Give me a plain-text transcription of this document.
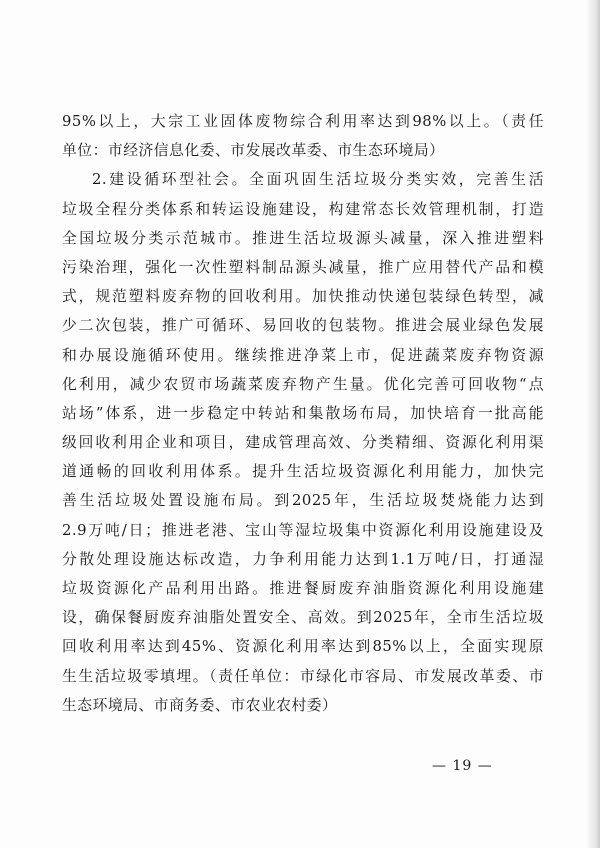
95%以上，大宗工业固体废物综合利用率达到98%以上。（责任
单位：市经济信息化委、市发展改革委、市生态环境局）
2.建设循环型社会。全面巩固生活垃圾分类实效，完善生活
垃圾全程分类体系和转运设施建设，构建常态长效管理机制，打造
全国垃圾分类示范城市。推进生活垃圾源头减量，深入推进塑料
污染治理，强化一次性塑料制品源头减量，推广应用替代产品和模
式，规范塑料废弃物的回收利用。加快推动快递包装绿色转型，减
少二次包装，推广可循环、易回收的包装物。推进会展业绿色发展
和办展设施循环使用。继续推进净菜上市，促进蔬菜废弃物资源
化利用，减少农贸市场蔬菜废弃物产生量。优化完善可回收物“点
站场”体系，进一步稳定中转站和集散场布局，加快培育一批高能
级回收利用企业和项目，建成管理高效、分类精细、资源化利用渠
道通畅的回收利用体系。提升生活垃圾资源化利用能力，加快完
善生活垃圾处置设施布局。到2025年，生活垃圾焚烧能力达到
2.9万吨/日；推进老港、宝山等湿垃圾集中资源化利用设施建设及
分散处理设施达标改造，力争利用能力达到1.1万吨/日，打通湿
垃圾资源化产品利用出路。推进餐厨废弃油脂资源化利用设施建
设，确保餐厨废弃油脂处置安全、高效。到2025年，全市生活垃圾
回收利用率达到45%、资源化利用率达到85%以上，全面实现原
生生活垃圾零填埋。（责任单位：市绿化市容局、市发展改革委、市
生态环境局、市商务委、市农业农村委）
— 19 —
